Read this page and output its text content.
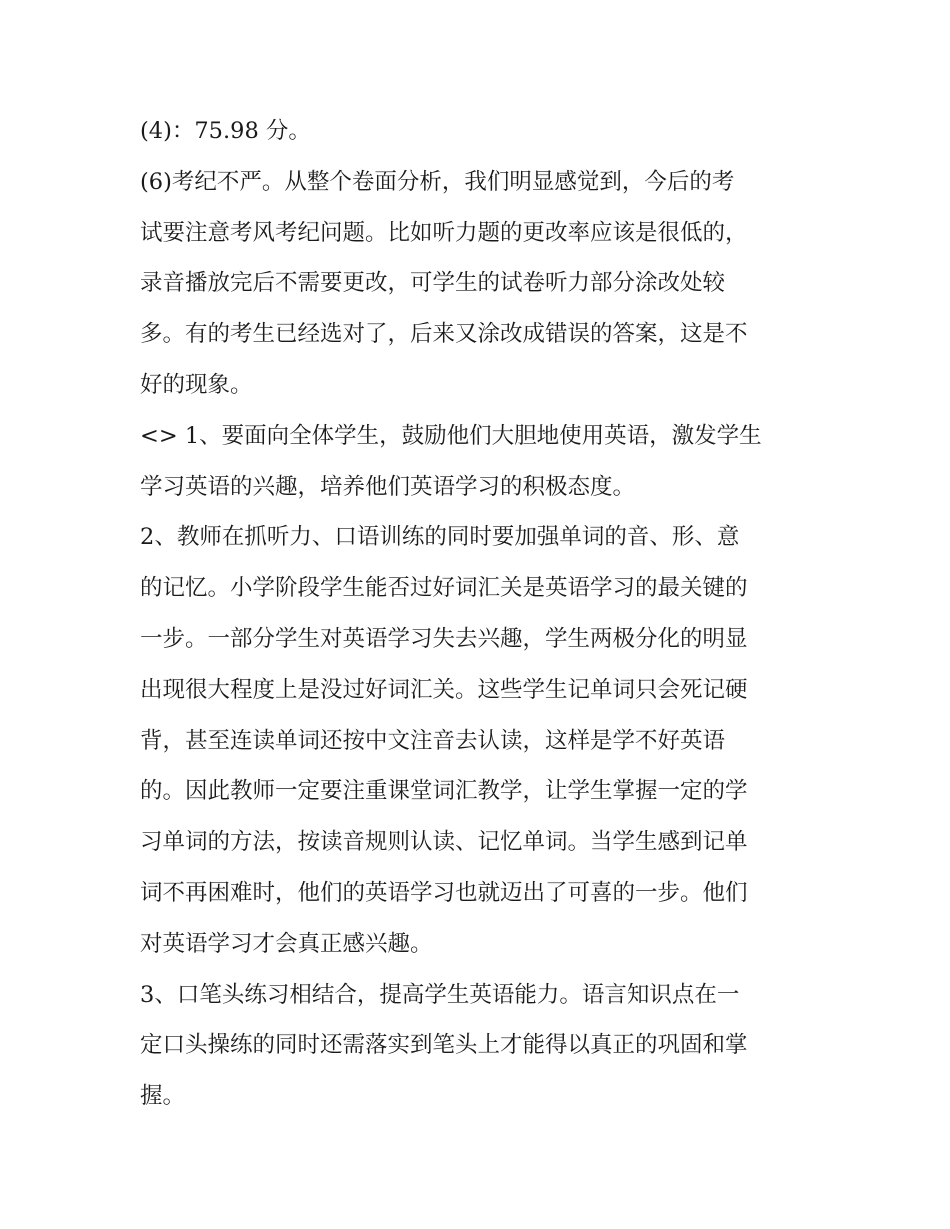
(4)：75.98 分。

(6)考纪不严。从整个卷面分析，我们明显感觉到，今后的考
试要注意考风考纪问题。比如听力题的更改率应该是很低的，
录音播放完后不需要更改，可学生的试卷听力部分涂改处较
多。有的考生已经选对了，后来又涂改成错误的答案，这是不
好的现象。

<> 1、要面向全体学生，鼓励他们大胆地使用英语，激发学生
学习英语的兴趣，培养他们英语学习的积极态度。

2、教师在抓听力、口语训练的同时要加强单词的音、形、意
的记忆。小学阶段学生能否过好词汇关是英语学习的最关键的
一步。一部分学生对英语学习失去兴趣，学生两极分化的明显
出现很大程度上是没过好词汇关。这些学生记单词只会死记硬
背，甚至连读单词还按中文注音去认读，这样是学不好英语
的。因此教师一定要注重课堂词汇教学，让学生掌握一定的学
习单词的方法，按读音规则认读、记忆单词。当学生感到记单
词不再困难时，他们的英语学习也就迈出了可喜的一步。他们
对英语学习才会真正感兴趣。

3、口笔头练习相结合，提高学生英语能力。语言知识点在一
定口头操练的同时还需落实到笔头上才能得以真正的巩固和掌
握。
